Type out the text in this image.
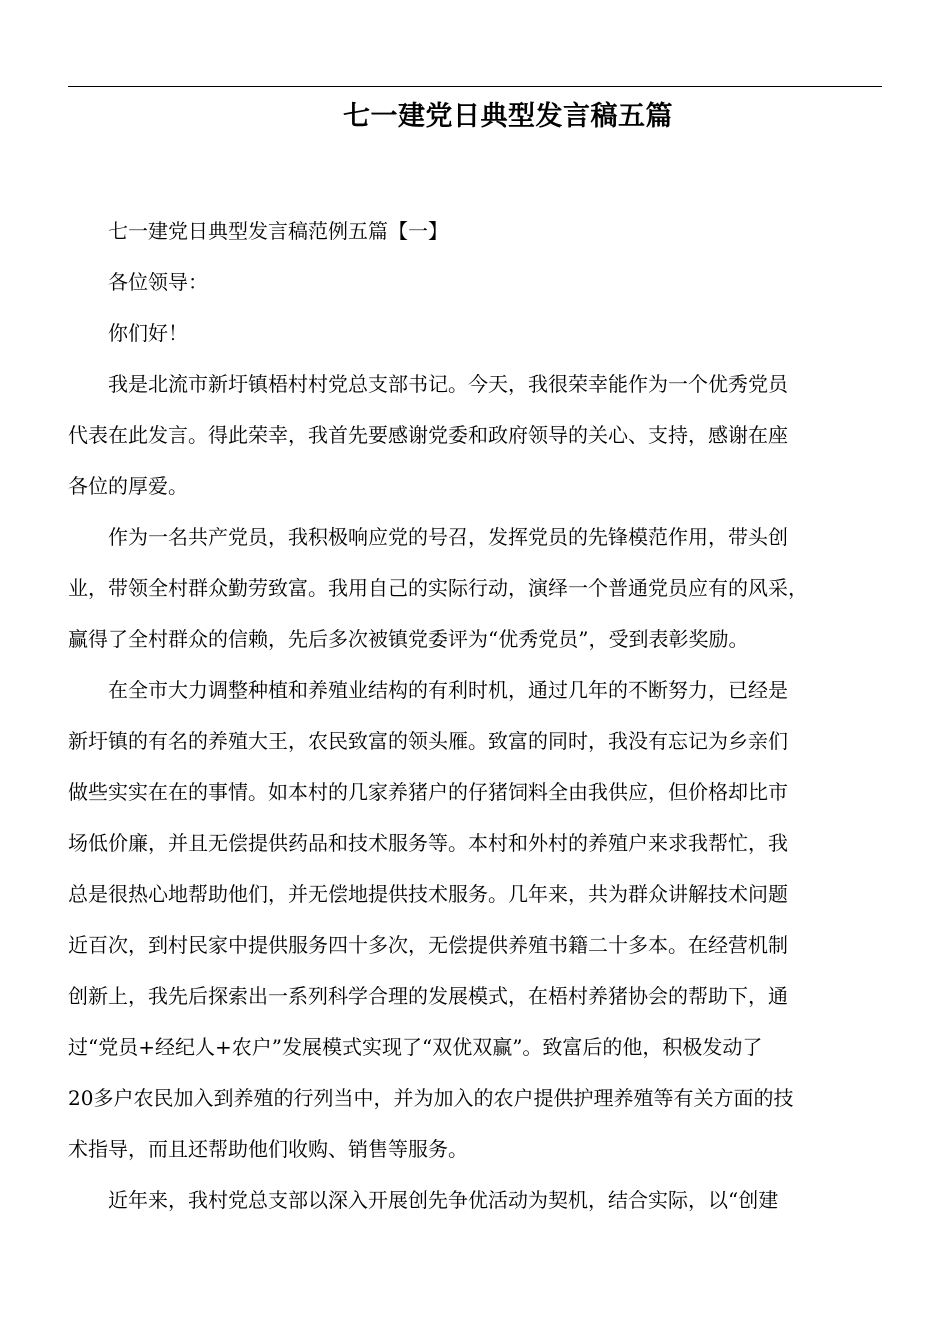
七一建党日典型发言稿五篇

七一建党日典型发言稿范例五篇【一】

各位领导：

你们好！

我是北流市新圩镇梧村村党总支部书记。今天，我很荣幸能作为一个优秀党员
代表在此发言。得此荣幸，我首先要感谢党委和政府领导的关心、支持，感谢在座
各位的厚爱。

作为一名共产党员，我积极响应党的号召，发挥党员的先锋模范作用，带头创
业，带领全村群众勤劳致富。我用自己的实际行动，演绎一个普通党员应有的风采，
赢得了全村群众的信赖，先后多次被镇党委评为“优秀党员”，受到表彰奖励。

在全市大力调整种植和养殖业结构的有利时机，通过几年的不断努力，已经是
新圩镇的有名的养殖大王，农民致富的领头雁。致富的同时，我没有忘记为乡亲们
做些实实在在的事情。如本村的几家养猪户的仔猪饲料全由我供应，但价格却比市
场低价廉，并且无偿提供药品和技术服务等。本村和外村的养殖户来求我帮忙，我
总是很热心地帮助他们，并无偿地提供技术服务。几年来，共为群众讲解技术问题
近百次，到村民家中提供服务四十多次，无偿提供养殖书籍二十多本。在经营机制
创新上，我先后探索出一系列科学合理的发展模式，在梧村养猪协会的帮助下，通
过“党员+经纪人+农户”发展模式实现了“双优双赢”。致富后的他，积极发动了
20多户农民加入到养殖的行列当中，并为加入的农户提供护理养殖等有关方面的技
术指导，而且还帮助他们收购、销售等服务。

近年来，我村党总支部以深入开展创先争优活动为契机，结合实际，以“创建
